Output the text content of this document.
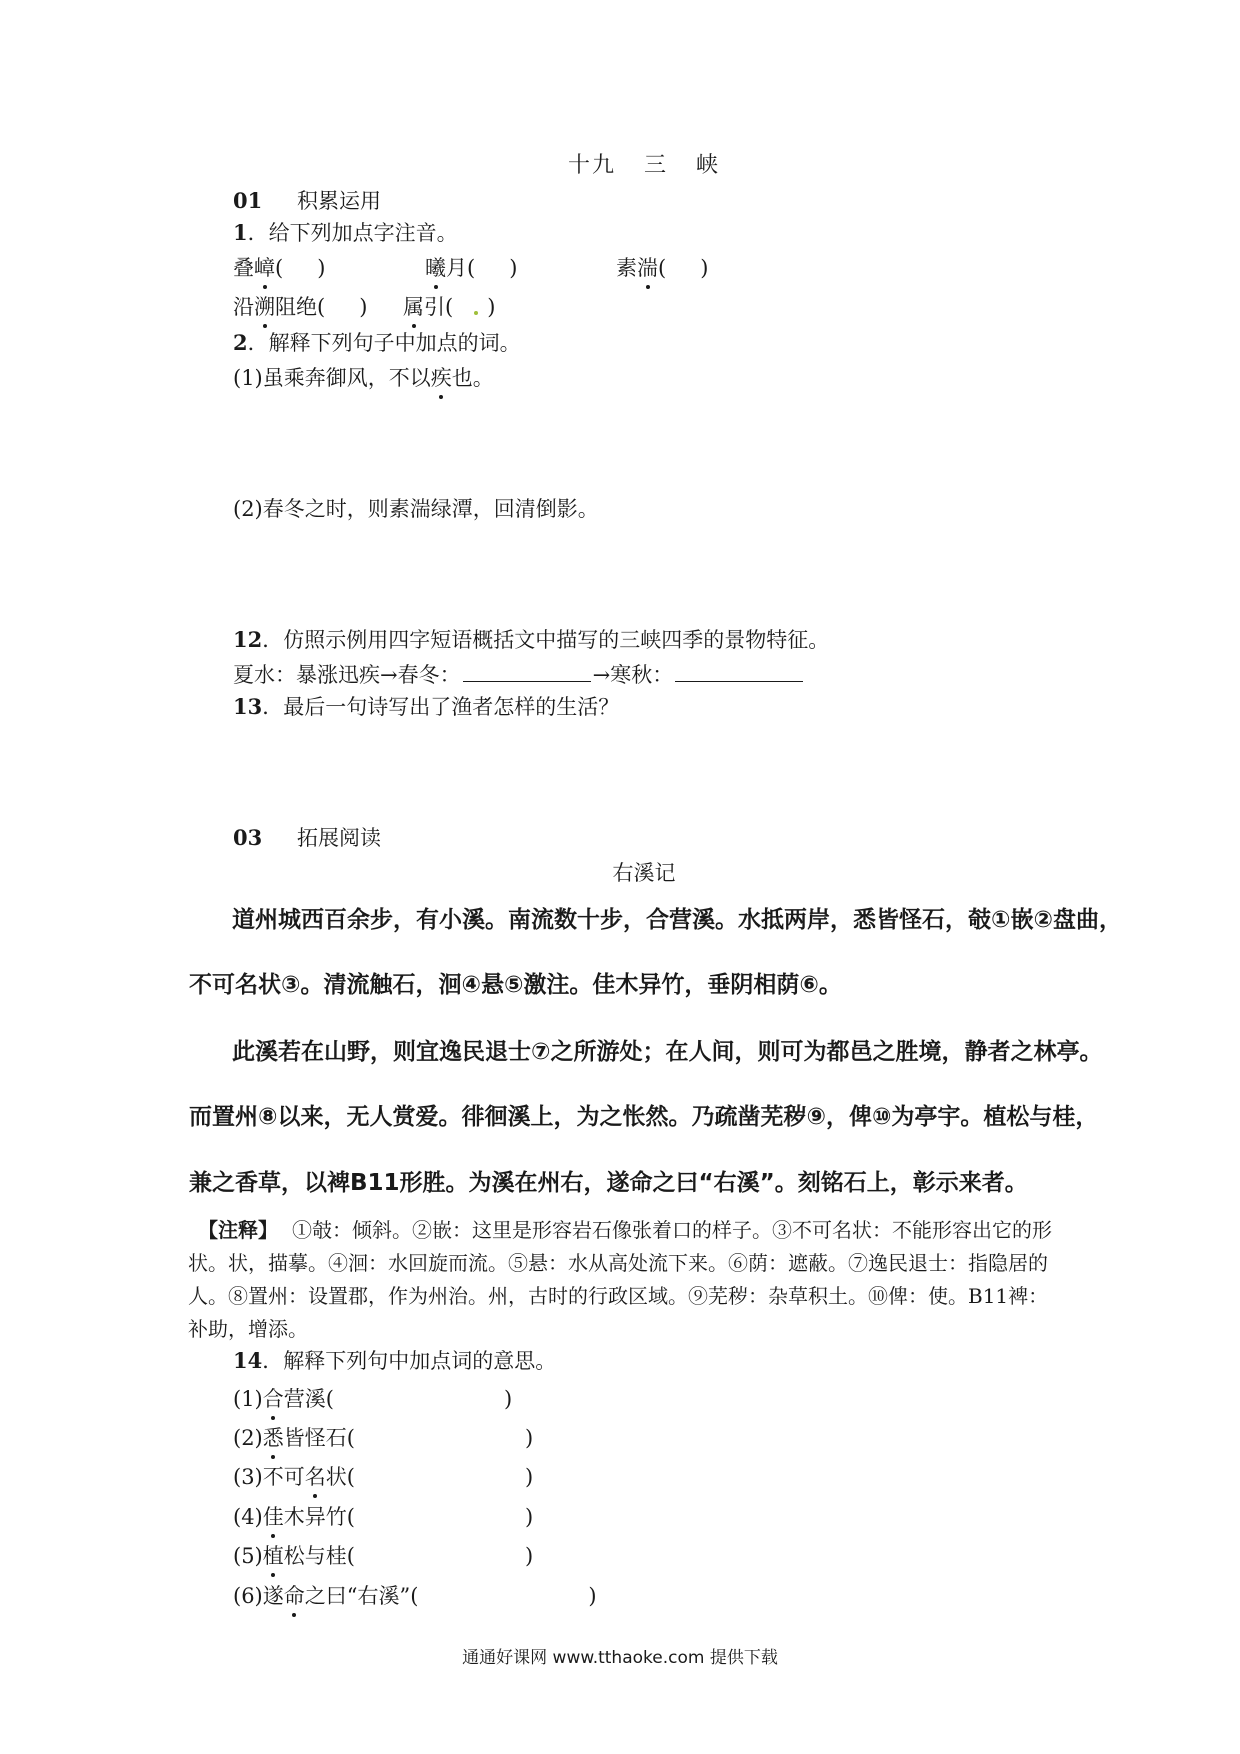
十九 三 峡
01 积累运用
1．给下列加点字注音。
叠嶂( )	曦月( )	素湍( )
沿溯阻绝( ) 属引( )
2．解释下列句子中加点的词。
(1)虽乘奔御风，不以疾也。
(2)春冬之时，则素湍绿潭，回清倒影。
12．仿照示例用四字短语概括文中描写的三峡四季的景物特征。
夏水：暴涨迅疾→春冬：	→寒秋：
13．最后一句诗写出了渔者怎样的生活？
03 拓展阅读
右溪记
道州城西百余步，有小溪。南流数十步，合营溪。水抵两岸，悉皆怪石，攲①嵌②盘曲，
不可名状③。清流触石，洄④悬⑤激注。佳木异竹，垂阴相荫⑥。
此溪若在山野，则宜逸民退士⑦之所游处；在人间，则可为都邑之胜境，静者之林亭。
而置州⑧以来，无人赏爱。徘徊溪上，为之怅然。乃疏凿芜秽⑨，俾⑩为亭宇。植松与桂，
兼之香草，以裨B11形胜。为溪在州右，遂命之曰“右溪”。刻铭石上，彰示来者。
【注释】 ①攲：倾斜。②嵌：这里是形容岩石像张着口的样子。③不可名状：不能形容出它的形状。状，描摹。④洄：水回旋而流。⑤悬：水从高处流下来。⑥荫：遮蔽。⑦逸民退士：指隐居的人。⑧置州：设置郡，作为州治。州，古时的行政区域。⑨芜秽：杂草积土。⑩俾：使。B11裨：补助，增添。
14．解释下列句中加点词的意思。
(1)合营溪(	)
(2)悉皆怪石(	)
(3)不可名状(	)
(4)佳木异竹(	)
(5)植松与桂(	)
(6)遂命之曰“右溪”(	)
通通好课网 www.tthaoke.com 提供下载
